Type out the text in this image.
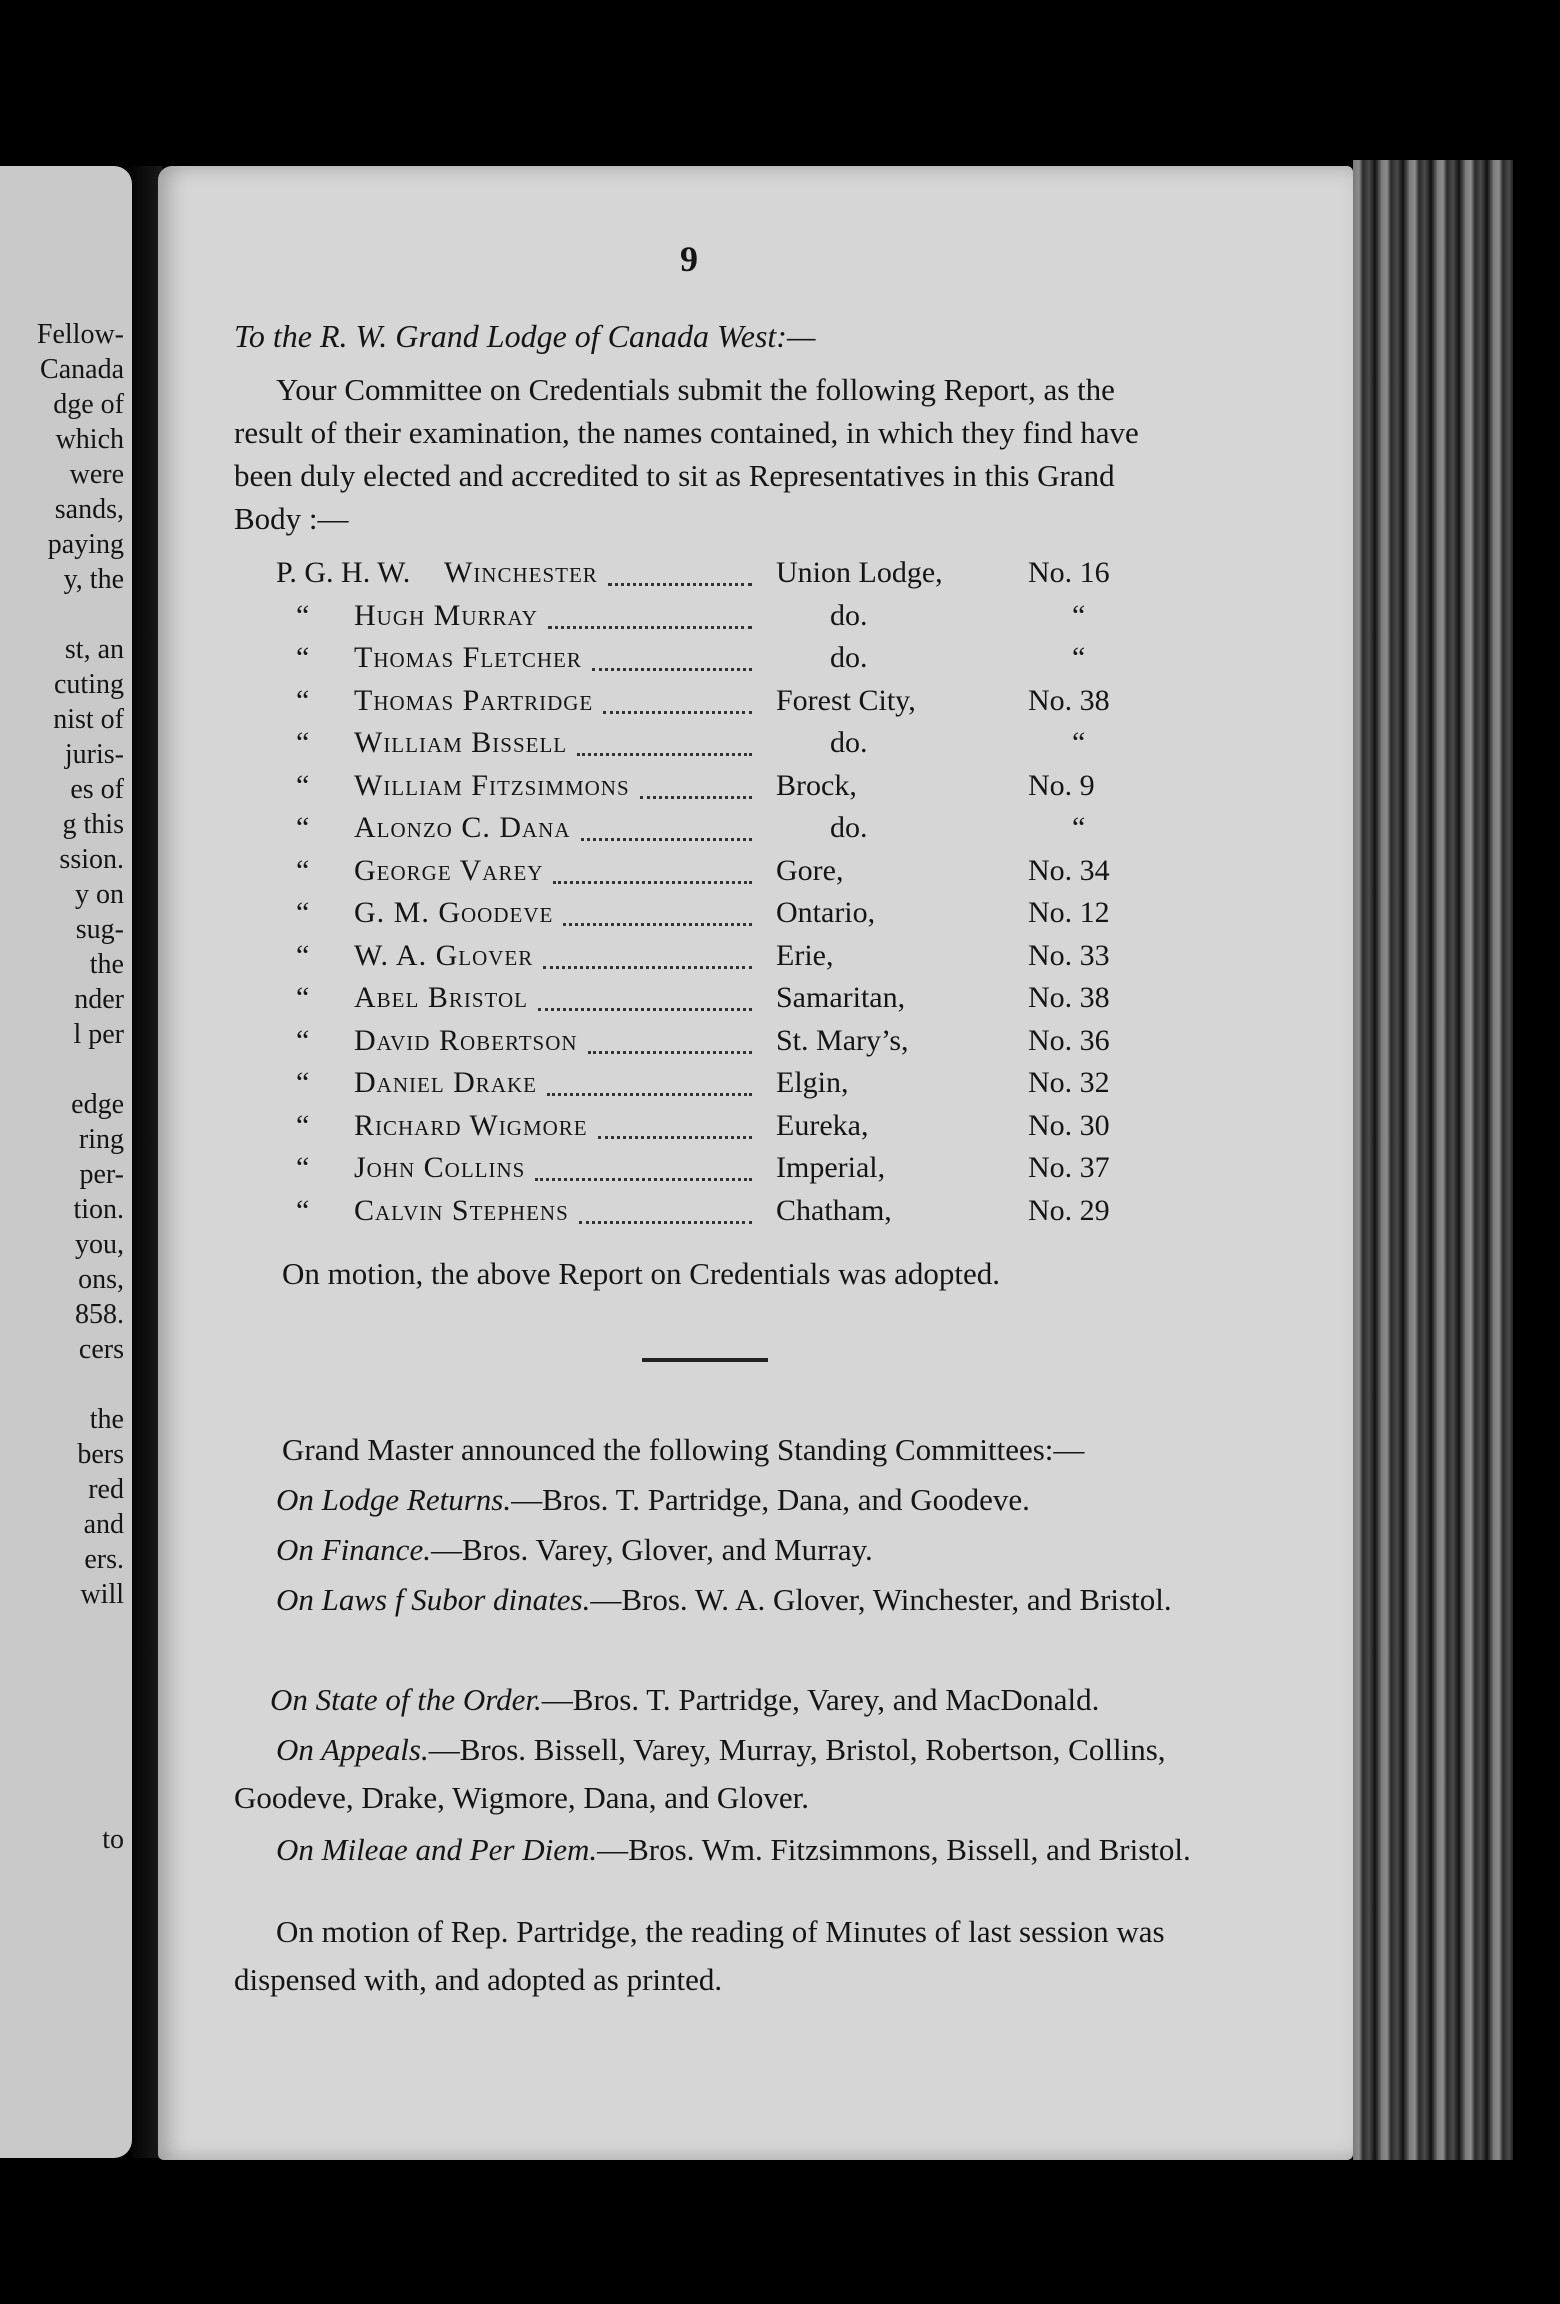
Fellow-
Canada
dge of
which
were
sands,
paying
y, the
st, an
cuting
nist of
juris-
es of
g this
ssion.
y on
sug-
the
nder
l per
edge
ring
per-
tion.
you,
ons,
858.
cers
the
bers
red
and
ers.
will
to
9
To the R. W. Grand Lodge of Canada West:—
Your Committee on Credentials submit the following Report, as the result of their examination, the names contained, in which they find have been duly elected and accredited to sit as Representatives in this Grand Body :—
P. G. H. W. Winchester	Union Lodge,	No. 16
“ Hugh Murray	do.	“
“ Thomas Fletcher	do.	“
“ Thomas Partridge	Forest City,	No. 38
“ William Bissell	do.	“
“ William Fitzsimmons	Brock,	No. 9
“ Alonzo C. Dana	do.	“
“ George Varey	Gore,	No. 34
“ G. M. Goodeve	Ontario,	No. 12
“ W. A. Glover	Erie,	No. 33
“ Abel Bristol	Samaritan,	No. 38
“ David Robertson	St. Mary’s,	No. 36
“ Daniel Drake	Elgin,	No. 32
“ Richard Wigmore	Eureka,	No. 30
“ John Collins	Imperial,	No. 37
“ Calvin Stephens	Chatham,	No. 29
On motion, the above Report on Credentials was adopted.
Grand Master announced the following Standing Committees:—
On Lodge Returns.—Bros. T. Partridge, Dana, and Goodeve.
On Finance.—Bros. Varey, Glover, and Murray.
On Laws f Subor dinates.—Bros. W. A. Glover, Winchester, and Bristol.
On State of the Order.—Bros. T. Partridge, Varey, and MacDonald.
On Appeals.—Bros. Bissell, Varey, Murray, Bristol, Robertson, Collins, Goodeve, Drake, Wigmore, Dana, and Glover.
On Mileae and Per Diem.—Bros. Wm. Fitzsimmons, Bissell, and Bristol.
On motion of Rep. Partridge, the reading of Minutes of last session was dispensed with, and adopted as printed.
